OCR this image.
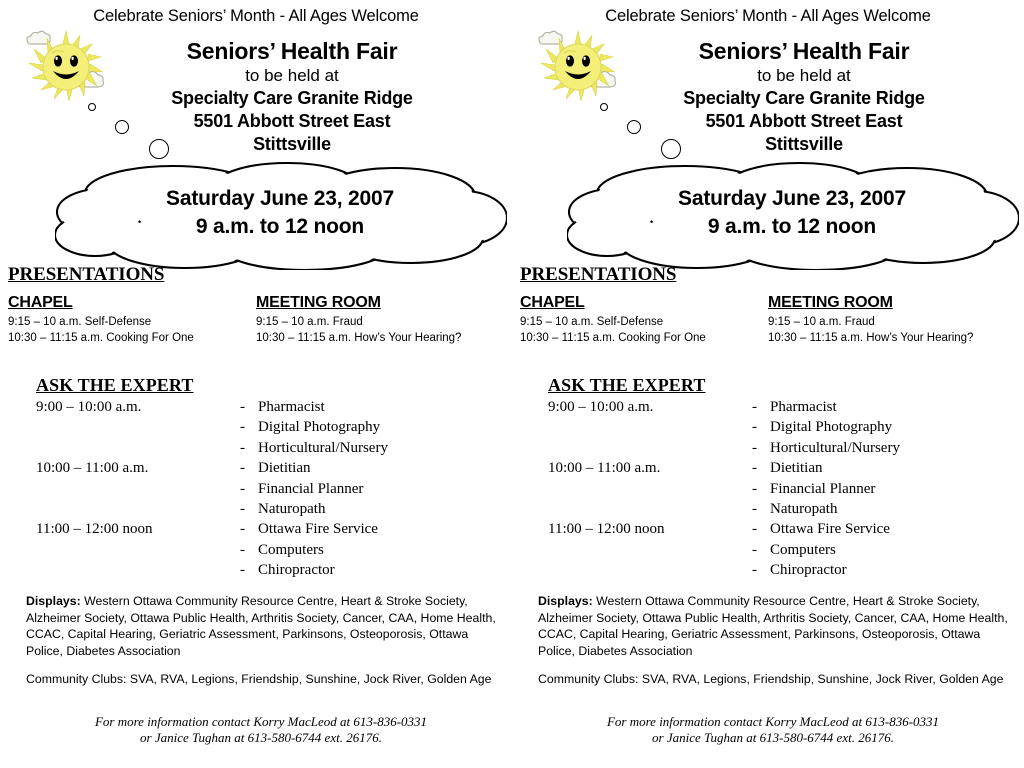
Celebrate Seniors’ Month - All Ages Welcome
Seniors’ Health Fair
to be held at
Specialty Care Granite Ridge
5501 Abbott Street East
Stittsville
Saturday June 23, 2007
9 a.m. to 12 noon
PRESENTATIONS
CHAPEL
9:15 – 10 a.m. Self-Defense
10:30 – 11:15 a.m. Cooking For One
MEETING ROOM
9:15 – 10 a.m. Fraud
10:30 – 11:15 a.m. How’s Your Hearing?
ASK THE EXPERT
9:00 – 10:00 a.m.	- Pharmacist
- Digital Photography
- Horticultural/Nursery
10:00 – 11:00 a.m.	- Dietitian
- Financial Planner
- Naturopath
11:00 – 12:00 noon	- Ottawa Fire Service
- Computers
- Chiropractor
Displays: Western Ottawa Community Resource Centre, Heart & Stroke Society, Alzheimer Society, Ottawa Public Health, Arthritis Society, Cancer, CAA, Home Health, CCAC, Capital Hearing, Geriatric Assessment, Parkinsons, Osteoporosis, Ottawa Police, Diabetes Association
Community Clubs: SVA, RVA, Legions, Friendship, Sunshine, Jock River, Golden Age
For more information contact Korry MacLeod at 613-836-0331
or Janice Tughan at 613-580-6744 ext. 26176.
Celebrate Seniors’ Month - All Ages Welcome
Seniors’ Health Fair
to be held at
Specialty Care Granite Ridge
5501 Abbott Street East
Stittsville
Saturday June 23, 2007
9 a.m. to 12 noon
PRESENTATIONS
CHAPEL
9:15 – 10 a.m. Self-Defense
10:30 – 11:15 a.m. Cooking For One
MEETING ROOM
9:15 – 10 a.m. Fraud
10:30 – 11:15 a.m. How’s Your Hearing?
ASK THE EXPERT
9:00 – 10:00 a.m.	- Pharmacist
- Digital Photography
- Horticultural/Nursery
10:00 – 11:00 a.m.	- Dietitian
- Financial Planner
- Naturopath
11:00 – 12:00 noon	- Ottawa Fire Service
- Computers
- Chiropractor
Displays: Western Ottawa Community Resource Centre, Heart & Stroke Society, Alzheimer Society, Ottawa Public Health, Arthritis Society, Cancer, CAA, Home Health, CCAC, Capital Hearing, Geriatric Assessment, Parkinsons, Osteoporosis, Ottawa Police, Diabetes Association
Community Clubs: SVA, RVA, Legions, Friendship, Sunshine, Jock River, Golden Age
For more information contact Korry MacLeod at 613-836-0331
or Janice Tughan at 613-580-6744 ext. 26176.
